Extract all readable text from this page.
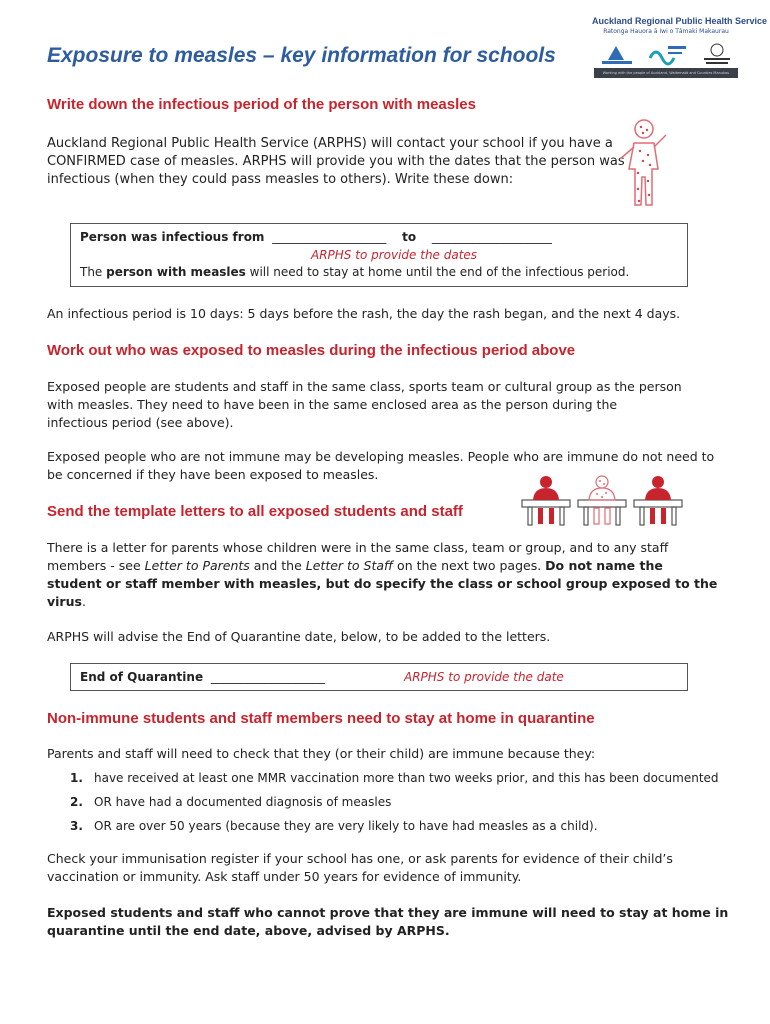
Exposure to measles – key information for schools
Auckland Regional Public Health Service
Ratonga Hauora ā Iwi o Tāmaki Makaurau
Working with the people of Auckland, Waitematā and Counties Manukau
Write down the infectious period of the person with measles

Auckland Regional Public Health Service (ARPHS) will contact your school if you have a
CONFIRMED case of measles. ARPHS will provide you with the dates that the person was
infectious (when they could pass measles to others). Write these down:

Person was infectious from ___________________ to ____________________
ARPHS to provide the dates
The person with measles will need to stay at home until the end of the infectious period.

An infectious period is 10 days: 5 days before the rash, the day the rash began, and the next 4 days.

Work out who was exposed to measles during the infectious period above

Exposed people are students and staff in the same class, sports team or cultural group as the person
with measles. They need to have been in the same enclosed area as the person during the
infectious period (see above).

Exposed people who are not immune may be developing measles. People who are immune do not need to
be concerned if they have been exposed to measles.

Send the template letters to all exposed students and staff

There is a letter for parents whose children were in the same class, team or group, and to any staff
members - see Letter to Parents and the Letter to Staff on the next two pages. Do not name the
student or staff member with measles, but do specify the class or school group exposed to the
virus.

ARPHS will advise the End of Quarantine date, below, to be added to the letters.

End of Quarantine ___________________	ARPHS to provide the date
Non-immune students and staff members need to stay at home in quarantine

Parents and staff will need to check that they (or their child) are immune because they:

1. have received at least one MMR vaccination more than two weeks prior, and this has been documented
2. OR have had a documented diagnosis of measles
3. OR are over 50 years (because they are very likely to have had measles as a child).

Check your immunisation register if your school has one, or ask parents for evidence of their child’s
vaccination or immunity. Ask staff under 50 years for evidence of immunity.

Exposed students and staff who cannot prove that they are immune will need to stay at home in
quarantine until the end date, above, advised by ARPHS.
